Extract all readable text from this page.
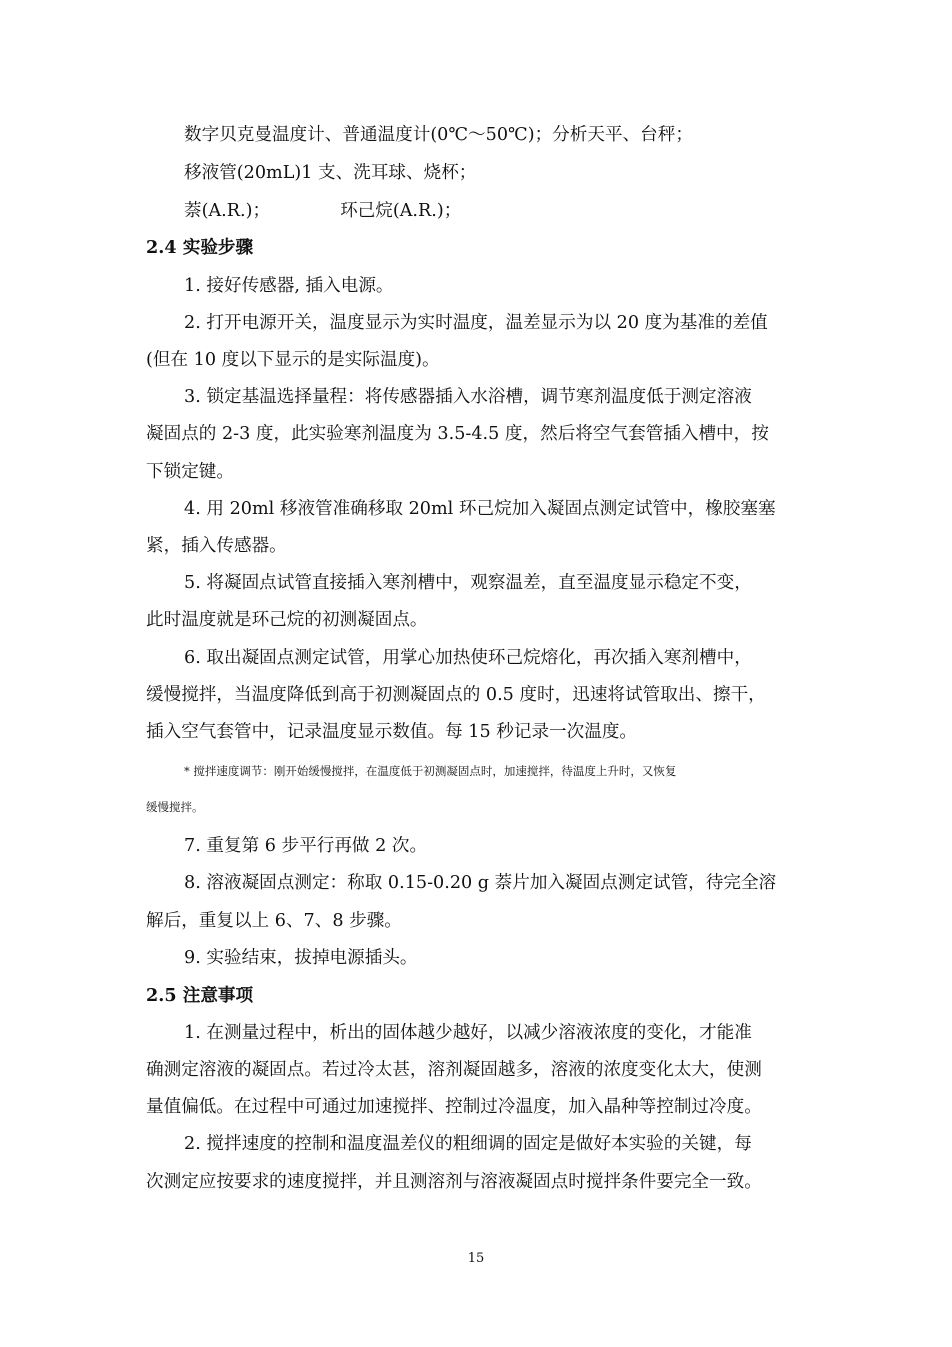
数字贝克曼温度计、普通温度计(0℃～50℃)；分析天平、台秤；
移液管(20mL)1 支、洗耳球、烧杯；
萘(A.R.)；	环己烷(A.R.)；
2.4 实验步骤
1. 接好传感器, 插入电源。
2. 打开电源开关，温度显示为实时温度，温差显示为以 20 度为基准的差值
(但在 10 度以下显示的是实际温度)。
3. 锁定基温选择量程：将传感器插入水浴槽，调节寒剂温度低于测定溶液
凝固点的 2-3 度，此实验寒剂温度为 3.5-4.5 度，然后将空气套管插入槽中，按
下锁定键。
4. 用 20ml 移液管准确移取 20ml 环己烷加入凝固点测定试管中，橡胶塞塞
紧，插入传感器。
5. 将凝固点试管直接插入寒剂槽中，观察温差，直至温度显示稳定不变，
此时温度就是环己烷的初测凝固点。
6. 取出凝固点测定试管，用掌心加热使环己烷熔化，再次插入寒剂槽中，
缓慢搅拌，当温度降低到高于初测凝固点的 0.5 度时，迅速将试管取出、擦干，
插入空气套管中，记录温度显示数值。每 15 秒记录一次温度。
* 搅拌速度调节：刚开始缓慢搅拌，在温度低于初测凝固点时，加速搅拌，待温度上升时，又恢复
缓慢搅拌。
7. 重复第 6 步平行再做 2 次。
8. 溶液凝固点测定：称取 0.15-0.20 g 萘片加入凝固点测定试管，待完全溶
解后，重复以上 6、7、8 步骤。
9. 实验结束，拔掉电源插头。
2.5 注意事项
1. 在测量过程中，析出的固体越少越好，以减少溶液浓度的变化，才能准
确测定溶液的凝固点。若过冷太甚，溶剂凝固越多，溶液的浓度变化太大，使测
量值偏低。在过程中可通过加速搅拌、控制过冷温度，加入晶种等控制过冷度。
2. 搅拌速度的控制和温度温差仪的粗细调的固定是做好本实验的关键，每
次测定应按要求的速度搅拌，并且测溶剂与溶液凝固点时搅拌条件要完全一致。
15
